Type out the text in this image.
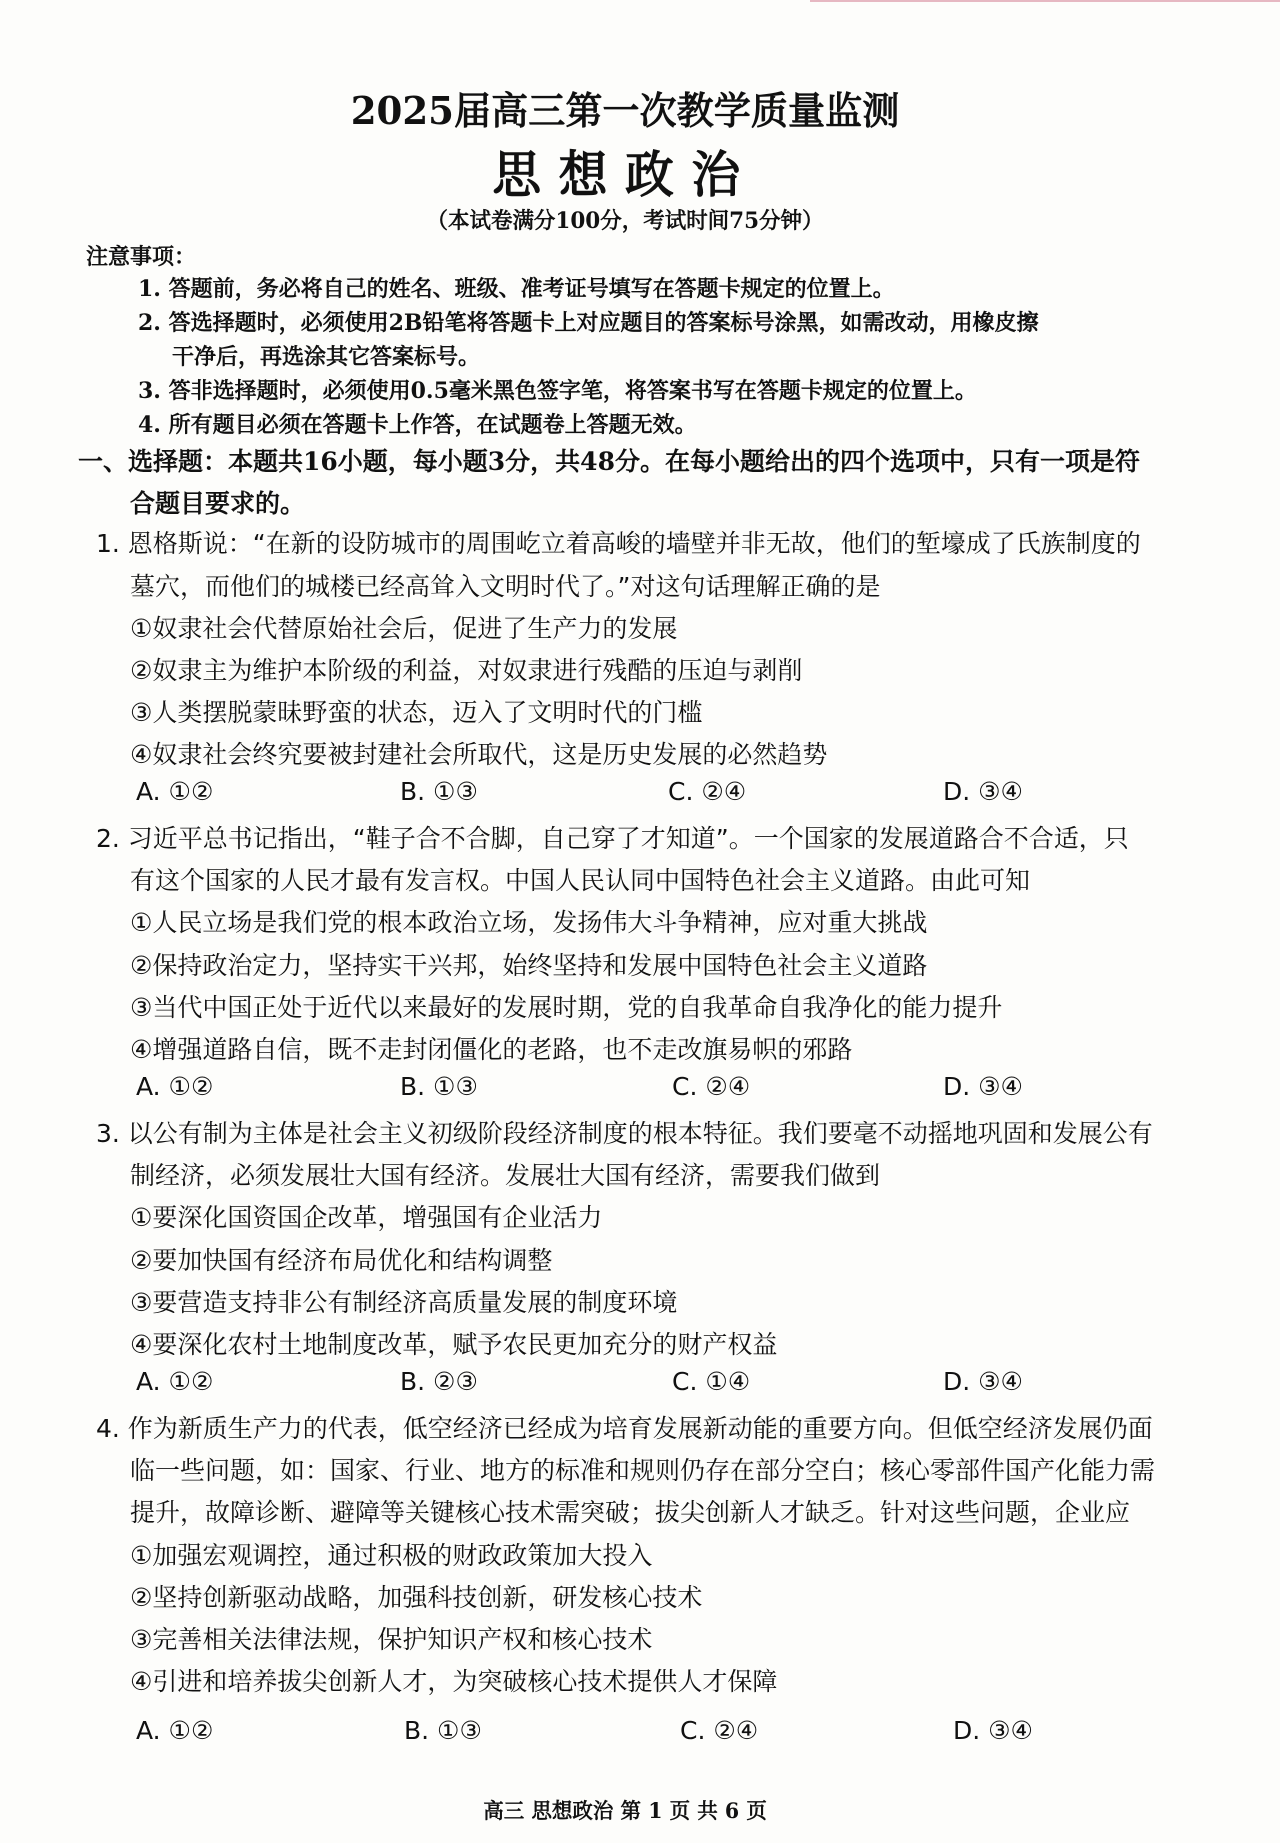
2025届高三第一次教学质量监测
思想政治
（本试卷满分100分，考试时间75分钟）
注意事项：
1. 答题前，务必将自己的姓名、班级、准考证号填写在答题卡规定的位置上。
2. 答选择题时，必须使用2B铅笔将答题卡上对应题目的答案标号涂黑，如需改动，用橡皮擦
干净后，再选涂其它答案标号。
3. 答非选择题时，必须使用0.5毫米黑色签字笔，将答案书写在答题卡规定的位置上。
4. 所有题目必须在答题卡上作答，在试题卷上答题无效。
一、选择题：本题共16小题，每小题3分，共48分。在每小题给出的四个选项中，只有一项是符
合题目要求的。
1. 恩格斯说：“在新的设防城市的周围屹立着高峻的墙壁并非无故，他们的堑壕成了氏族制度的
墓穴，而他们的城楼已经高耸入文明时代了。”对这句话理解正确的是
①奴隶社会代替原始社会后，促进了生产力的发展
②奴隶主为维护本阶级的利益，对奴隶进行残酷的压迫与剥削
③人类摆脱蒙昧野蛮的状态，迈入了文明时代的门槛
④奴隶社会终究要被封建社会所取代，这是历史发展的必然趋势
A. ①②	B. ①③	C. ②④	D. ③④
2. 习近平总书记指出，“鞋子合不合脚，自己穿了才知道”。一个国家的发展道路合不合适，只
有这个国家的人民才最有发言权。中国人民认同中国特色社会主义道路。由此可知
①人民立场是我们党的根本政治立场，发扬伟大斗争精神，应对重大挑战
②保持政治定力，坚持实干兴邦，始终坚持和发展中国特色社会主义道路
③当代中国正处于近代以来最好的发展时期，党的自我革命自我净化的能力提升
④增强道路自信，既不走封闭僵化的老路，也不走改旗易帜的邪路
A. ①②	B. ①③	C. ②④	D. ③④
3. 以公有制为主体是社会主义初级阶段经济制度的根本特征。我们要毫不动摇地巩固和发展公有
制经济，必须发展壮大国有经济。发展壮大国有经济，需要我们做到
①要深化国资国企改革，增强国有企业活力
②要加快国有经济布局优化和结构调整
③要营造支持非公有制经济高质量发展的制度环境
④要深化农村土地制度改革，赋予农民更加充分的财产权益
A. ①②	B. ②③	C. ①④	D. ③④
4. 作为新质生产力的代表，低空经济已经成为培育发展新动能的重要方向。但低空经济发展仍面
临一些问题，如：国家、行业、地方的标准和规则仍存在部分空白；核心零部件国产化能力需
提升，故障诊断、避障等关键核心技术需突破；拔尖创新人才缺乏。针对这些问题，企业应
①加强宏观调控，通过积极的财政政策加大投入
②坚持创新驱动战略，加强科技创新，研发核心技术
③完善相关法律法规，保护知识产权和核心技术
④引进和培养拔尖创新人才，为突破核心技术提供人才保障
A. ①②	B. ①③	C. ②④	D. ③④
高三 思想政治 第 1 页 共 6 页
